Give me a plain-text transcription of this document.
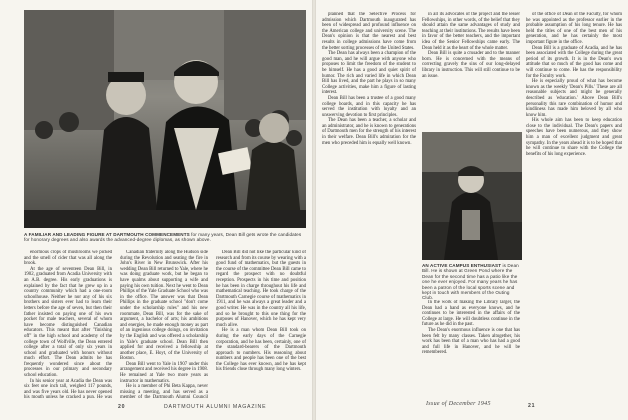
A FAMILIAR AND LEADING FIGURE AT DARTMOUTH COMMENCEMENTS for many years, Dean Bill gets wrote the candidates for honorary degrees and also awards the advanced-degree diplomas, as shown above.

enormous crops of mushrooms we picked and the smell of cider that was all along the brook.

At the age of seventeen Dean Bill, in 1902, graduated from Acadia University with an A.B. degree. His early graduations is explained by the fact that he grew up in a country community which had a one-room schoolhouse. Neither he nor any of his six brothers and sisters ever had to learn their letters before the age of seven, but then their father insisted on paying one of his own pocket for male teachers, several of whom have become distinguished Canadian educators. This meant that after "finishing off" in the high school and academy of the college town of Wolfville, the Dean entered college after a total of only six years in school and graduated with honors without much effort. The Dean admits he has frequently wondered since about the processes in our primary and secondary school education.

In his senior year at Acadia the Dean was six feet one inch tall, weighed 117 pounds, and was five years old. He has never opened his mouth unless he cracked a pun. He was

Canadian fraternity along the Hudson side during the Revolution and seating the fire in John's River in New Brunswick. After his wedding Dean Bill returned to Yale, where he was doing graduate work, but he began to have qualms about supporting a wife and paying his own tuition. Next he went to Dean Phillips of the Yale Graduate School who was in the office. The answer was that Dean Phillips in the graduate school "don't come under the scholarship rules" and his new roommate, Dean Bill, was for the sake of argument, a bachelor of arts; his ambitions and energies, he made enough money as part of an ingenious college doings, on invitation by the English and was offered a scholarship in Yale's graduate school. Dean Bill then applied for and received a fellowship at another place, E. Hoyt, of the University of Boston.

Dean Bill went to Yale in 1907 under this arrangement and received his degree in 1908. He remained at Yale two more years as instructor in mathematics.

He is a member of Phi Beta Kappa, never missing a meeting, and has served as a member of the Dartmouth Alumni Council

Dean Bill did not like the particular kind of research and from its course by wearing with a good fund of mathematics, but the guests in the course of the committee Dean Bill came to regard the prospect with no doubtful reception. Prospects in his time and position he has been in charge throughout his life and mathematical teaching. He took charge of the Dartmouth Carnegie course of mathematics in 1911, and he was always a great leader and a good writer. He was in the country all his life, and so he brought to this one thing for the purposes of Hanover, which he has kept very much alive.

He is a man whom Dean Bill took on during the early days of the Carnegie corporation, and he has been, certainly, one of the standard-bearers of the Dartmouth approach to numbers. His reasoning about numbers and people has been one of the best the College has ever known, and he has kept his friends close through many long winters.

20	DARTMOUTH ALUMNI MAGAZINE

planned that the Selective Process for admission which Dartmouth inaugurated has been of widespread and profound influence on the American college and university scene. The Dean's opinion is that the nearest and best results in college admissions have come from the better sorting processes of the United States.

The Dean has always been a champion of the good man, and he will argue with anyone who proposes to limit the freedom of the student to be himself. He has a good and quiet spirit of humor. The rich and varied life in which Dean Bill has lived, and the part he plays in so many College activities, make him a figure of lasting interest.

Dean Bill has been a trustee of a good many college boards, and in this capacity he has served the institution with loyalty and an unswerving devotion to first principles.

The Dean has been a teacher, a scholar and an administrator, and he is known to generations of Dartmouth men for the strength of his interest in their welfare. Dean Bill's admiration for the men who preceded him is equally well known.

in all its advocates of the project and the lesser Fellowships, in other words, of the belief that they should attain the same advantages of study and teaching at their institutions. The results have been in favor of the better teachers, and the important idea of the Senior Fellowships came early. The Dean held it as the heart of the whole matter.

Dean Bill is quite a crusader and to the manner born. He is concerned with the means of correcting gravely the sins of our long-delayed library in instruction. This will still continue to be an issue.

AN ACTIVE CAMPUS ENTHUSIAST is Dean Bill. He is shown at Green Pond where the Dean for the second time has a patio like the one he ever enjoyed. For many years he has been a patron of the local sports scene and kept in touch with members of the Outing Club.

In the work of making the Library larger, the Dean had a hand as everyone knows, and he continues to be interested in the affairs of the College at large. He will doubtless continue in the future as he did in the past.

The Dean's enormous influence is one that has been felt by many classes. Taken altogether, his work has been that of a man who has had a good and full life in Hanover, and he will be remembered.

of the office of Dean of the Faculty, for whom he was appointed as the professor earlier in the probable assumption of his long tenure. He has held the titles of one of the best men of his generation, and he has certainly the most important figure in the office.

Dean Bill is a graduate of Acadia, and he has been associated with the College during the great period of its growth. It is in the Dean's own attitude that so much of the good has come and will continue to come. He has the responsibility for the Faculty work.

He is especially proud of what has become known as the weekly 'Dean's Pills.' These are all reasonable subjects and might be generally described as 'education.' Above Dean Bill's personality this rare combination of humor and kindliness has made him beloved by all who know him.

His whole aim has been to keep education close to the individual. The Dean's papers and speeches have been numerous, and they show him a man of excellent judgment and great sympathy. In the years ahead it is to be hoped that he will continue to share with the College the benefits of his long experience.

Issue of December 1945	21
